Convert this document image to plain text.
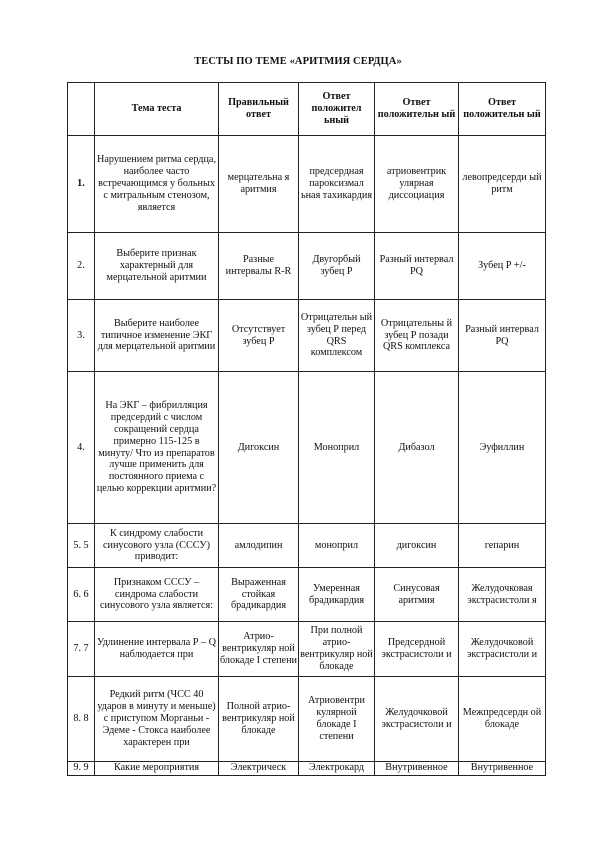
ТЕСТЫ ПО ТЕМЕ «АРИТМИЯ СЕРДЦА»
	Тема теста	Правильный ответ	Ответ положител ьный	Ответ положительн ый	Ответ положительн ый
1.	Нарушением ритма сердца, наиболее часто встречающимся у больных с митральным стенозом, является	мерцательна я аритмия	предсердная пароксизмал ьная тахикардия	атриовентрик улярная диссоциация	левопредсерди ый ритм
2.	Выберите признак характерный для мерцательной аритмии	Разные интервалы R-R	Двугорбый зубец Р	Разный интервал PQ	Зубец Р +/-
3.	Выберите наиболее типичное изменение ЭКГ для мерцательной аритмии	Отсутствует зубец Р	Отрицательн ый зубец Р перед QRS комплексом	Отрицательны й зубец Р позади QRS комплекса	Разный интервал PQ
4.	На ЭКГ – фибрилляция предсердий с числом сокращений сердца примерно 115-125 в минуту/ Что из препаратов лучше применить для постоянного приема с целью коррекции аритмии?	Дигоксин	Моноприл	Дибазол	Эуфиллин
5. 5	К синдрому слабости синусового узла (СССУ) приводит:	амлодипин	моноприл	дигоксин	гепарин
6. 6	Признаком СССУ – синдрома слабости синусового узла является:	Выраженная стойкая брадикардия	Умеренная брадикардия	Синусовая аритмия	Желудочковая экстрасистоли я
7. 7	Удлинение интервала Р – Q наблюдается при	Атрио-вентрикуляр ной блокаде I степени	При полной атрио-вентрикуляр ной блокаде	Предсердной экстрасистоли и	Желудочковой экстрасистоли и
8. 8	Редкий ритм (ЧСС 40 ударов в минуту и меньше) с приступом Морганьи - Эдеме - Стокса наиболее характерен при	Полной атрио-вентрикуляр ной блокаде	Атриовентри кулярной блокаде I степени	Желудочковой экстрасистоли и	Межпредсердн ой блокаде
9. 9	Какие мероприятия	Электрическ	Электрокард	Внутривенное	Внутривенное
